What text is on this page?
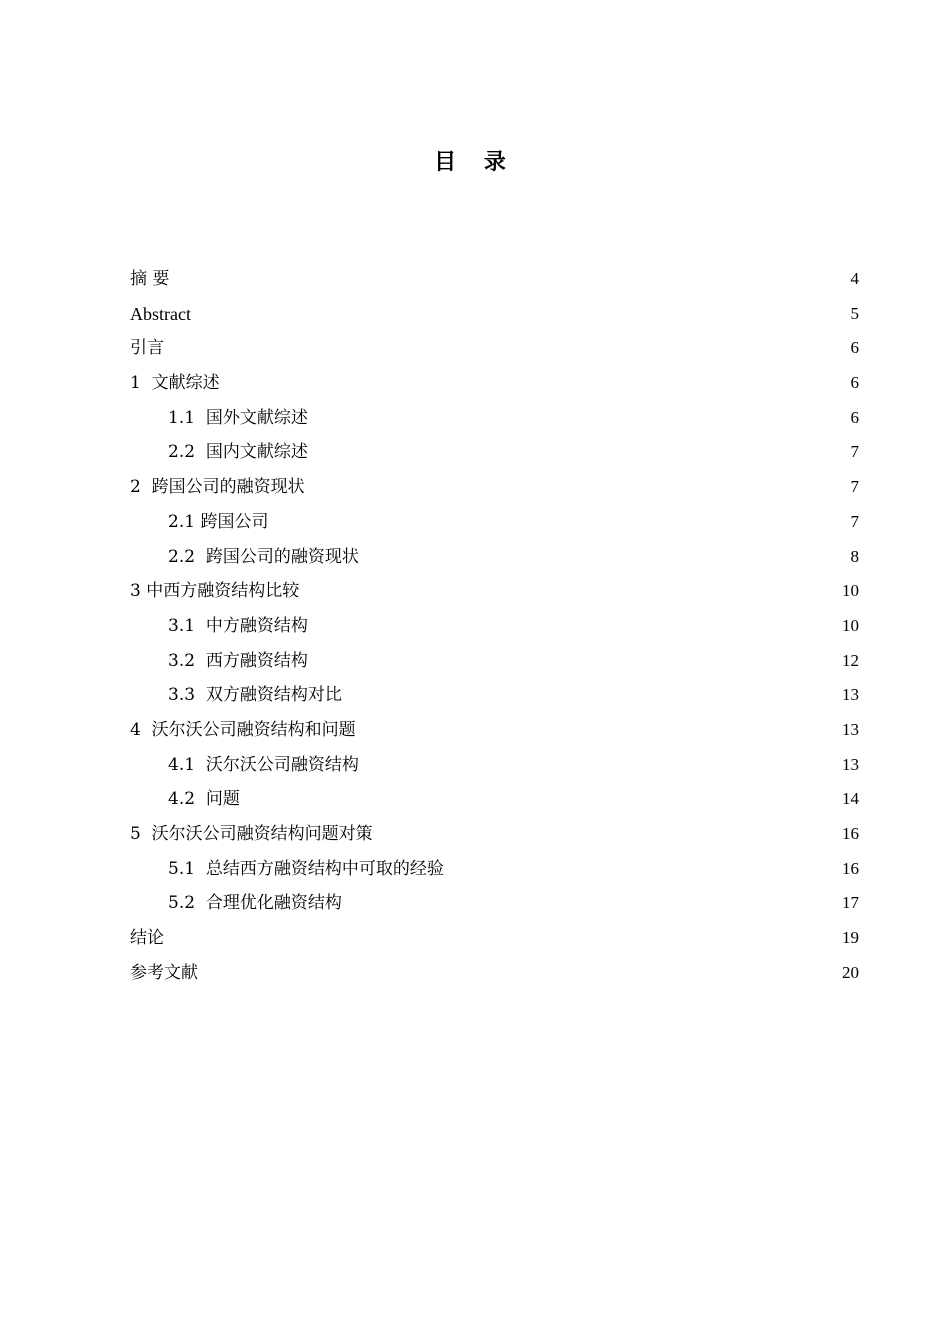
目 录
摘 要	4
Abstract	5
引言	6
1  文献综述	6
1.1  国外文献综述	6
2.2  国内文献综述	7
2  跨国公司的融资现状	7
2.1 跨国公司	7
2.2  跨国公司的融资现状	8
3 中西方融资结构比较	10
3.1  中方融资结构	10
3.2  西方融资结构	12
3.3  双方融资结构对比	13
4  沃尔沃公司融资结构和问题	13
4.1  沃尔沃公司融资结构	13
4.2  问题	14
5  沃尔沃公司融资结构问题对策	16
5.1  总结西方融资结构中可取的经验	16
5.2  合理优化融资结构	17
结论	19
参考文献	20
